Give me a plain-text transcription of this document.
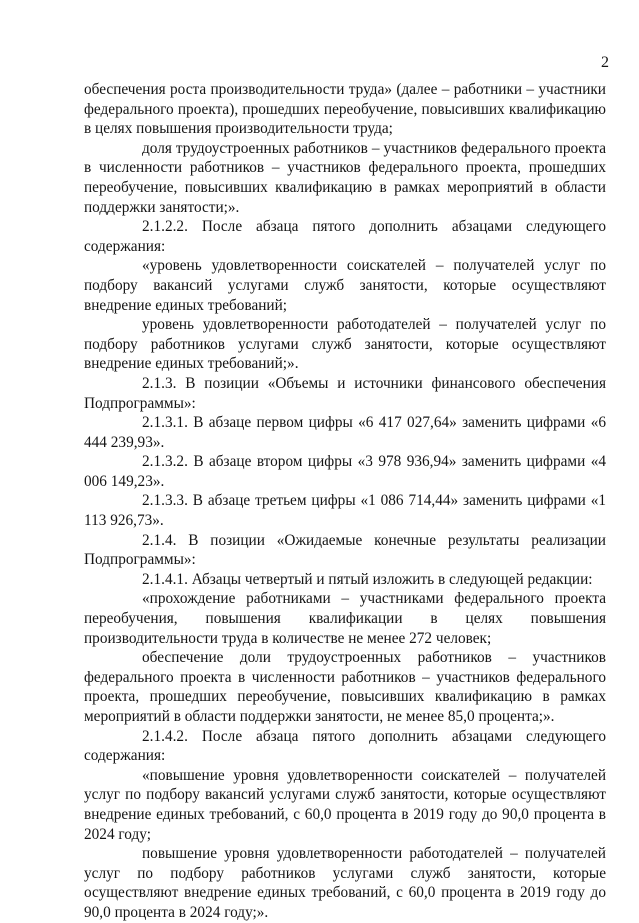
2

обеспечения роста производительности труда» (далее – работники – участники федерального проекта), прошедших переобучение, повысивших квалификацию в целях повышения производительности труда;

доля трудоустроенных работников – участников федерального проекта в численности работников – участников федерального проекта, прошедших переобучение, повысивших квалификацию в рамках мероприятий в области поддержки занятости;».

2.1.2.2. После абзаца пятого дополнить абзацами следующего содержания:

«уровень удовлетворенности соискателей – получателей услуг по подбору вакансий услугами служб занятости, которые осуществляют внедрение единых требований;

уровень удовлетворенности работодателей – получателей услуг по подбору работников услугами служб занятости, которые осуществляют внедрение единых требований;».

2.1.3. В позиции «Объемы и источники финансового обеспечения Подпрограммы»:

2.1.3.1. В абзаце первом цифры «6 417 027,64» заменить цифрами «6 444 239,93».

2.1.3.2. В абзаце втором цифры «3 978 936,94» заменить цифрами «4 006 149,23».

2.1.3.3. В абзаце третьем цифры «1 086 714,44» заменить цифрами «1 113 926,73».

2.1.4. В позиции «Ожидаемые конечные результаты реализации Подпрограммы»:

2.1.4.1. Абзацы четвертый и пятый изложить в следующей редакции:

«прохождение работниками – участниками федерального проекта переобучения, повышения квалификации в целях повышения производительности труда в количестве не менее 272 человек;

обеспечение доли трудоустроенных работников – участников федерального проекта в численности работников – участников федерального проекта, прошедших переобучение, повысивших квалификацию в рамках мероприятий в области поддержки занятости, не менее 85,0 процента;».

2.1.4.2. После абзаца пятого дополнить абзацами следующего содержания:

«повышение уровня удовлетворенности соискателей – получателей услуг по подбору вакансий услугами служб занятости, которые осуществляют внедрение единых требований, с 60,0 процента в 2019 году до 90,0 процента в 2024 году;

повышение уровня удовлетворенности работодателей – получателей услуг по подбору работников услугами служб занятости, которые осуществляют внедрение единых требований, с 60,0 процента в 2019 году до 90,0 процента в 2024 году;».
